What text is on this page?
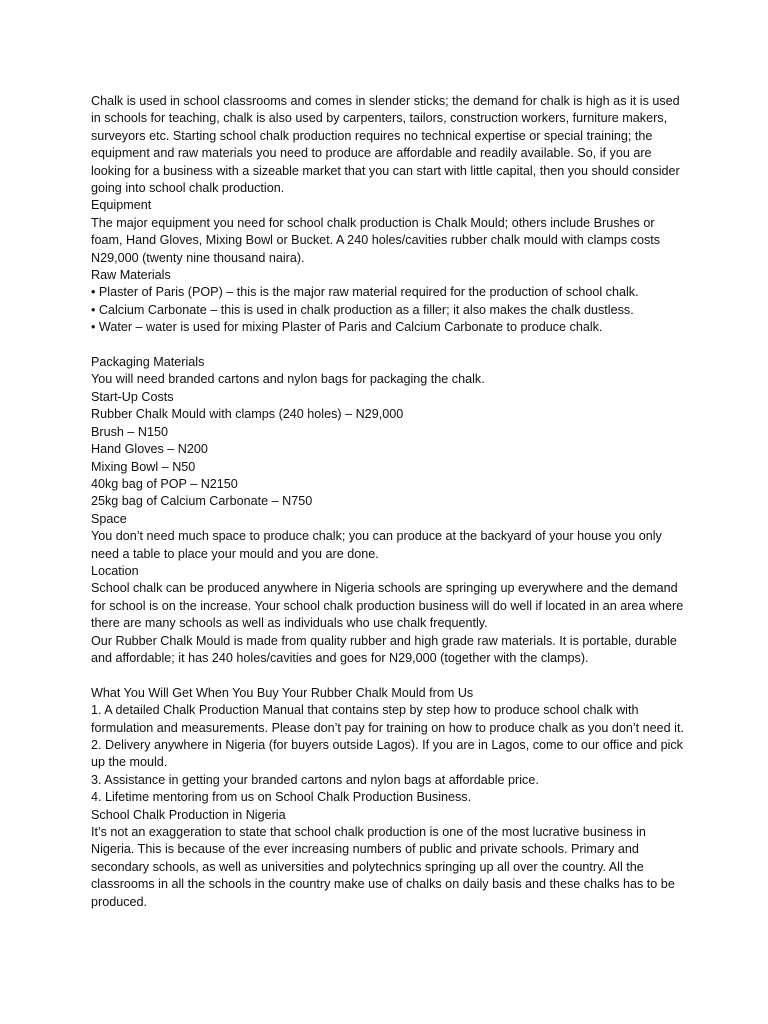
Chalk is used in school classrooms and comes in slender sticks; the demand for chalk is high as it is used in schools for teaching, chalk is also used by carpenters, tailors, construction workers, furniture makers, surveyors etc. Starting school chalk production requires no technical expertise or special training; the equipment and raw materials you need to produce are affordable and readily available. So, if you are looking for a business with a sizeable market that you can start with little capital, then you should consider going into school chalk production.

Equipment

The major equipment you need for school chalk production is Chalk Mould; others include Brushes or foam, Hand Gloves, Mixing Bowl or Bucket. A 240 holes/cavities rubber chalk mould with clamps costs N29,000 (twenty nine thousand naira).

Raw Materials

• Plaster of Paris (POP) – this is the major raw material required for the production of school chalk.

• Calcium Carbonate – this is used in chalk production as a filler; it also makes the chalk dustless.

• Water – water is used for mixing Plaster of Paris and Calcium Carbonate to produce chalk.

Packaging Materials

You will need branded cartons and nylon bags for packaging the chalk.

Start-Up Costs

Rubber Chalk Mould with clamps (240 holes) – N29,000

Brush – N150

Hand Gloves – N200

Mixing Bowl – N50

40kg bag of POP – N2150

25kg bag of Calcium Carbonate – N750

Space

You don’t need much space to produce chalk; you can produce at the backyard of your house you only need a table to place your mould and you are done.

Location

School chalk can be produced anywhere in Nigeria schools are springing up everywhere and the demand for school is on the increase. Your school chalk production business will do well if located in an area where there are many schools as well as individuals who use chalk frequently.

Our Rubber Chalk Mould is made from quality rubber and high grade raw materials. It is portable, durable and affordable; it has 240 holes/cavities and goes for N29,000 (together with the clamps).

What You Will Get When You Buy Your Rubber Chalk Mould from Us

1. A detailed Chalk Production Manual that contains step by step how to produce school chalk with formulation and measurements. Please don’t pay for training on how to produce chalk as you don’t need it.

2. Delivery anywhere in Nigeria (for buyers outside Lagos). If you are in Lagos, come to our office and pick up the mould.

3. Assistance in getting your branded cartons and nylon bags at affordable price.

4. Lifetime mentoring from us on School Chalk Production Business.

School Chalk Production in Nigeria

It’s not an exaggeration to state that school chalk production is one of the most lucrative business in Nigeria. This is because of the ever increasing numbers of public and private schools. Primary and secondary schools, as well as universities and polytechnics springing up all over the country. All the classrooms in all the schools in the country make use of chalks on daily basis and these chalks has to be produced.
